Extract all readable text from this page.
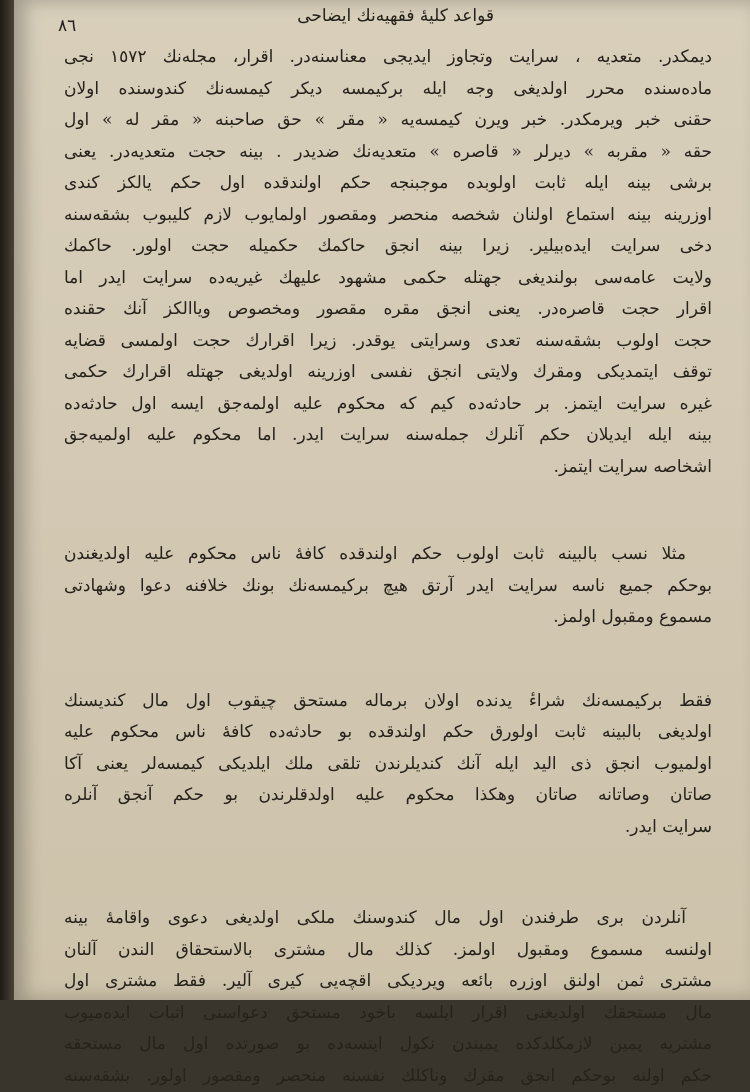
قواعد كليهٔ فقهيه‌نك ايضاحى
٨٦
ديمكدر. متعديه ، سرايت وتجاوز ايديجى معناسنه‌در. اقرار، مجله‌نك ١٥٧٢ نجى
ماده‌سنده محرر اولديغى وجه ايله بركيمسه ديكر كيمسه‌نك كندوسنده اولان
حقنى خبر ويرمكدر. خبر ويرن كيمسه‌يه « مقر » حق صاحبنه « مقر له » اول
حقه « مقربه » ديرلر « قاصره » متعديه‌نك ضديدر . بينه حجت متعديه‌در. يعنى
برشى بينه ايله ثابت اولوبده موجبنجه حكم اولندقده اول حكم يالكز كندى
اوزرينه بينه استماع اولنان شخصه منحصر ومقصور اولمايوب لازم كليبوب بشقه‌سنه
دخى سرايت ايده‌بيلير. زيرا بينه انجق حاكمك حكميله حجت اولور. حاكمك
ولايت عامه‌سى بولنديغى جهتله حكمى مشهود عليهك غيريه‌ده سرايت ايدر اما
اقرار حجت قاصره‌در. يعنى انجق مقره مقصور ومخصوص وياالكز آنك حقنده
حجت اولوب بشقه‌سنه تعدى وسرايتى يوقدر. زيرا اقرارك حجت اولمسى قضايه
توقف ايتمديكى ومقرك ولايتى انجق نفسى اوزرينه اولديغى جهتله اقرارك حكمى
غيره سرايت ايتمز. بر حادثه‌ده كيم كه محكوم عليه اولمه‌جق ايسه اول حادثه‌ده
بينه ايله ايديلان حكم آنلرك جمله‌سنه سرايت ايدر. اما محكوم عليه اولميه‌جق
اشخاصه سرايت ايتمز.
مثلا نسب بالبينه ثابت اولوب حكم اولندقده كافهٔ ناس محكوم عليه اولديغندن
بوحكم جميع ناسه سرايت ايدر آرتق هيچ بركيمسه‌نك بونك خلافنه دعوا وشهادتى
مسموع ومقبول اولمز.
فقط بركيمسه‌نك شراءٔ يدنده اولان برماله مستحق چيقوب اول مال كنديسنك
اولديغى بالبينه ثابت اولورق حكم اولندقده بو حادثه‌ده كافهٔ ناس محكوم عليه
اولميوب انجق ذى اليد ايله آنك كنديلرندن تلقى ملك ايلديكى كيمسه‌لر يعنى آكا
صاتان وصاتانه صاتان وهكذا محكوم عليه اولدقلرندن بو حكم آنجق آنلره
سرايت ايدر.
آنلردن برى طرفندن اول مال كندوسنك ملكى اولديغى دعوى واقامهٔ بينه
اولنسه مسموع ومقبول اولمز. كذلك مال مشترى بالاستحقاق الندن آلنان
مشترى ثمن اولنق اوزره بائعه ويرديكى اقچه‌يى كيرى آلير. فقط مشترى اول
مال مستحقك اولديغنى اقرار ايلسه باخود مستحق دعواسنى اثبات ايده‌ميوب
مشتريه يمين لازمكلدكده يميندن نكول ايتسه‌ده بو صورتده اول مال مستحقه
حكم اولنه بوحكم انجق مقرك وناكلك نفسنه منحصر ومقصور اولور. بشقه‌سنه
